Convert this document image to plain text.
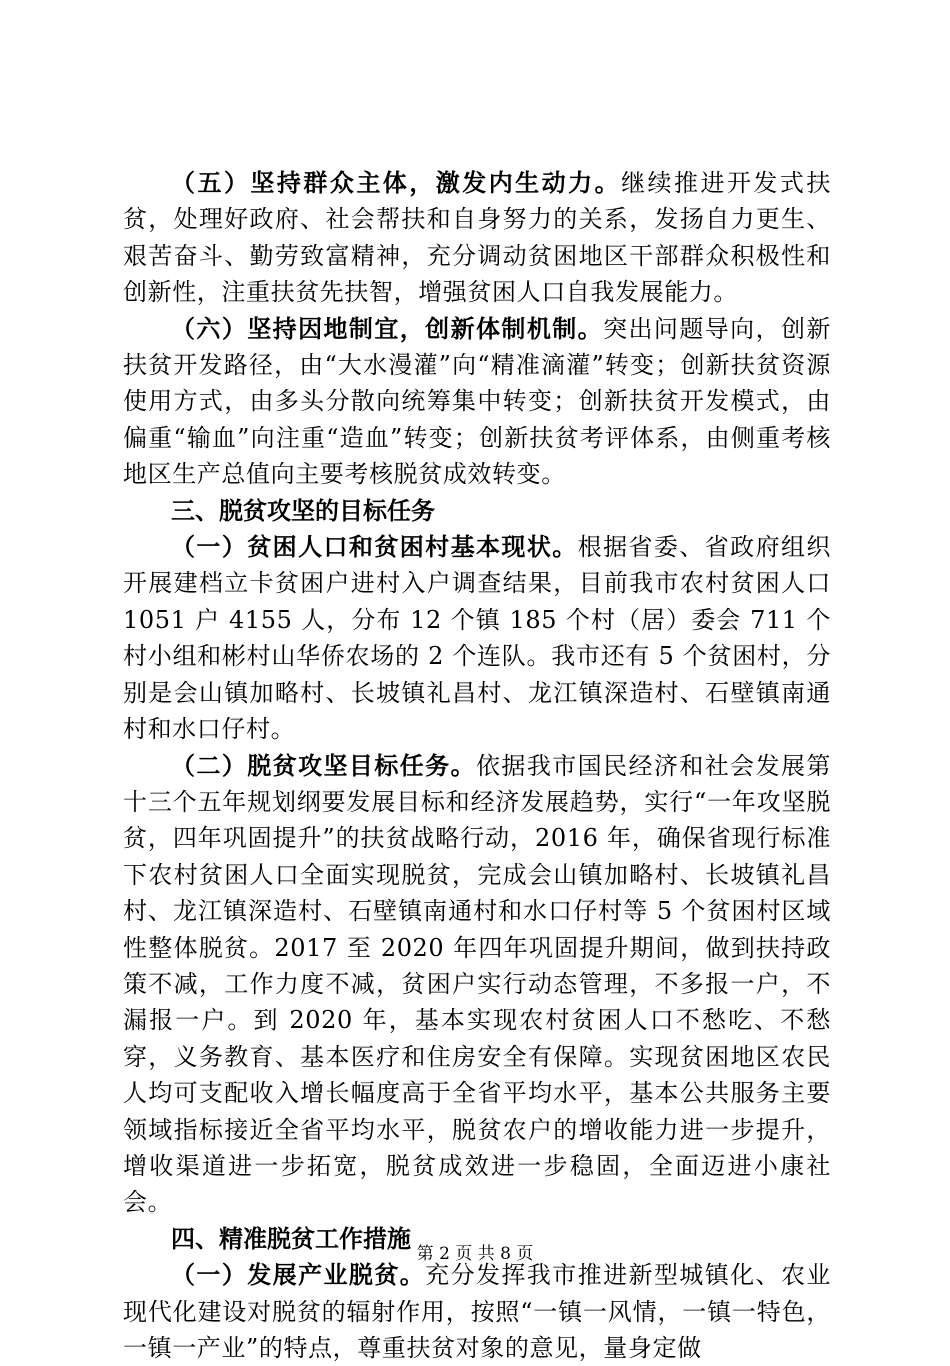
（五）坚持群众主体，激发内生动力。继续推进开发式扶贫，处理好政府、社会帮扶和自身努力的关系，发扬自力更生、艰苦奋斗、勤劳致富精神，充分调动贫困地区干部群众积极性和创新性，注重扶贫先扶智，增强贫困人口自我发展能力。

（六）坚持因地制宜，创新体制机制。突出问题导向，创新扶贫开发路径，由“大水漫灌”向“精准滴灌”转变；创新扶贫资源使用方式，由多头分散向统筹集中转变；创新扶贫开发模式，由偏重“输血”向注重“造血”转变；创新扶贫考评体系，由侧重考核地区生产总值向主要考核脱贫成效转变。

三、脱贫攻坚的目标任务

（一）贫困人口和贫困村基本现状。根据省委、省政府组织开展建档立卡贫困户进村入户调查结果，目前我市农村贫困人口 1051 户 4155 人，分布 12 个镇 185 个村（居）委会 711 个村小组和彬村山华侨农场的 2 个连队。我市还有 5 个贫困村，分别是会山镇加略村、长坡镇礼昌村、龙江镇深造村、石壁镇南通村和水口仔村。

（二）脱贫攻坚目标任务。依据我市国民经济和社会发展第十三个五年规划纲要发展目标和经济发展趋势，实行“一年攻坚脱贫，四年巩固提升”的扶贫战略行动，2016 年，确保省现行标准下农村贫困人口全面实现脱贫，完成会山镇加略村、长坡镇礼昌村、龙江镇深造村、石壁镇南通村和水口仔村等 5 个贫困村区域性整体脱贫。2017 至 2020 年四年巩固提升期间，做到扶持政策不减，工作力度不减，贫困户实行动态管理，不多报一户，不漏报一户。到 2020 年，基本实现农村贫困人口不愁吃、不愁穿，义务教育、基本医疗和住房安全有保障。实现贫困地区农民人均可支配收入增长幅度高于全省平均水平，基本公共服务主要领域指标接近全省平均水平，脱贫农户的增收能力进一步提升，增收渠道进一步拓宽，脱贫成效进一步稳固，全面迈进小康社会。

四、精准脱贫工作措施

（一）发展产业脱贫。充分发挥我市推进新型城镇化、农业现代化建设对脱贫的辐射作用，按照“一镇一风情，一镇一特色，一镇一产业”的特点，尊重扶贫对象的意见，量身定做

第 2 页 共 8 页
